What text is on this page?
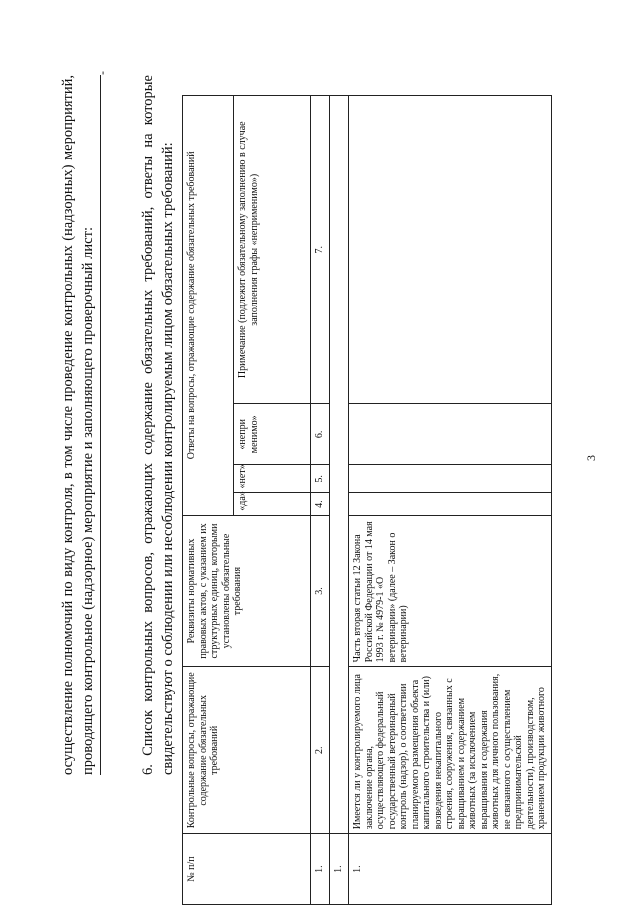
3
осуществление полномочий по виду контроля, в том числе проведение контрольных (надзорных) мероприятий, проводящего контрольное (надзорное) мероприятие и заполняющего проверочный лист:
-
6. Список контрольных вопросов, отражающих содержание обязательных требований, ответы на которые свидетельствуют о соблюдении или несоблюдении контролируемым лицом обязательных требований:
№ п/п	Контрольные вопросы, отражающие содержание обязательных требований	Реквизиты нормативных правовых актов, с указанием их структурных единиц, которыми установлены обязательные требования	Ответы на вопросы, отражающие содержание обязательных требований			
			«да»	«нет»	«непри менимо»	Примечание (подлежит обязательному заполнению в случае заполнения графы «неприменимо»)
1.	2.	3.	4.	5.	6.	7.
1.						
1.	Имеется ли у контролируемого лица заключение органа, осуществляющего федеральный государственный ветеринарный контроль (надзор), о соответствии планируемого размещения объекта капитального строительства и (или) возведения некапитального строения, сооружения, связанных с выращиванием и содержанием животных (за исключением выращивания и содержания животных для личного пользования, не связанного с осуществлением предпринимательской деятельности), производством, хранением продукции животного	Часть вторая статьи 12 Закона Российской Федерации от 14 мая 1993 г. № 4979-1 «О ветеринарии» (далее – Закон о ветеринарии)				
